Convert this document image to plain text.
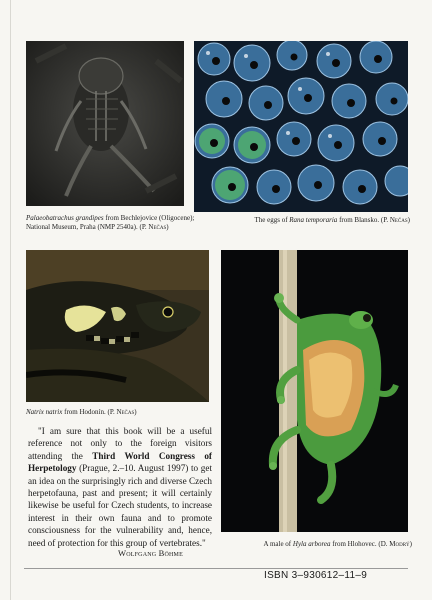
Palaeobatrachus grandipes from Bechlejovice (Oligocene); National Museum, Praha (NMP 2540a). (P. Nečas)
The eggs of Rana temporaria from Blansko. (P. Nečas)
Natrix natrix from Hodonín. (P. Nečas)
A male of Hyla arborea from Hlohovec. (D. Modrý)
"I am sure that this book will be a useful reference not only to the foreign visitors attending the Third World Congress of Herpetology (Prague, 2.–10. August 1997) to get an idea on the surprisingly rich and diverse Czech herpetofauna, past and present; it will certainly likewise be useful for Czech students, to increase interest in their own fauna and to promote consciousness for the vulnerability and, hence, need of protection for this group of vertebrates."
Wolfgang Böhme
ISBN 3–930612–11–9
